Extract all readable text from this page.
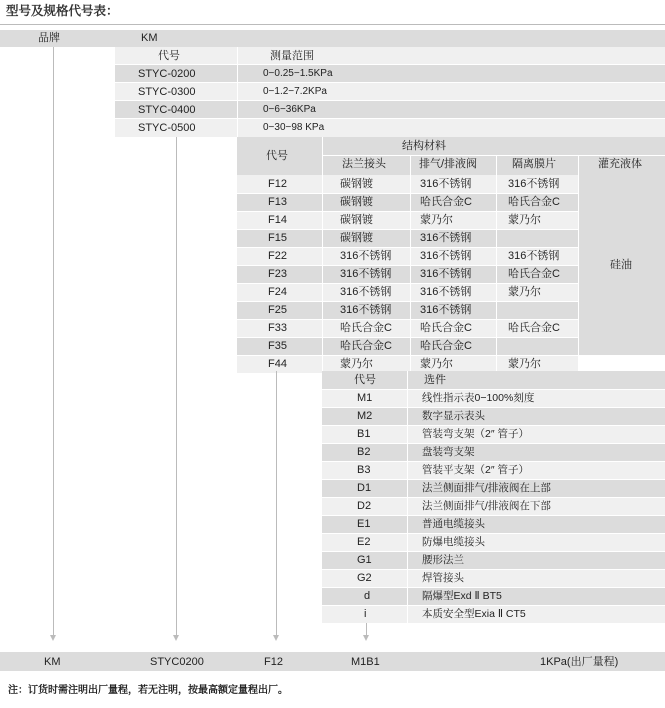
型号及规格代号表：
品牌	KM
代号	测量范围
STYC-0200	0−0.25−1.5KPa
STYC-0300	0−1.2−7.2KPa
STYC-0400	0−6−36KPa
STYC-0500	0−30−98 KPa
代号
结构材料
法兰接头	排气/排液阀	隔离膜片	灌充液体
F12	碳钢镀	316不锈钢	316不锈钢
F13	碳钢镀	哈氏合金C	哈氏合金C
F14	碳钢镀	蒙乃尔	蒙乃尔
F15	碳钢镀	316不锈钢
F22	316不锈钢	316不锈钢	316不锈钢
F23	316不锈钢	316不锈钢	哈氏合金C
F24	316不锈钢	316不锈钢	蒙乃尔
F25	316不锈钢	316不锈钢
F33	哈氏合金C	哈氏合金C	哈氏合金C
F35	哈氏合金C	哈氏合金C
F44	蒙乃尔	蒙乃尔	蒙乃尔
硅油
代号	选件
M1	线性指示表0−100%刻度
M2	数字显示表头
B1	管装弯支架（2″ 管子）
B2	盘装弯支架
B3	管装平支架（2″ 管子）
D1	法兰侧面排气/排液阀在上部
D2	法兰侧面排气/排液阀在下部
E1	普通电缆接头
E2	防爆电缆接头
G1	腰形法兰
G2	焊管接头
d	隔爆型Exd Ⅱ BT5
i	本质安全型Exia Ⅱ CT5
KM	STYC0200	F12	M1B1	1KPa(出厂量程)
注：订货时需注明出厂量程，若无注明，按最高额定量程出厂。
